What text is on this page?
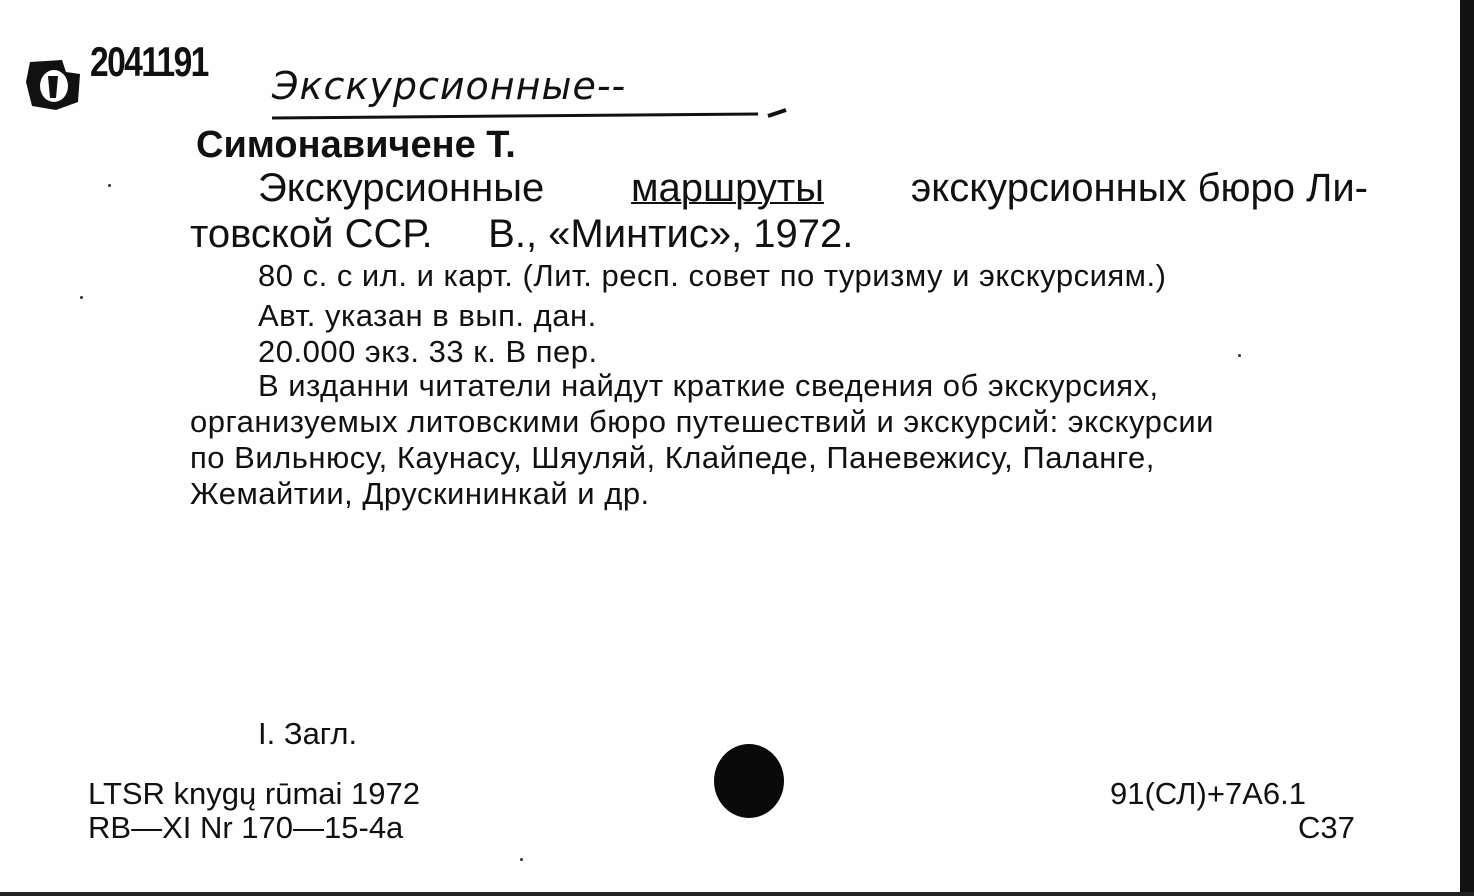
2041191
Экскурсионные--
Симонавичене Т.
Экскурсионные маршруты экскурсионных бюро Ли-
товской ССР.     В., «Минтис», 1972.
80 с. с ил. и карт. (Лит. респ. совет по туризму и экскурсиям.)
Авт. указан в вып. дан.
20.000 экз. 33 к. В пер.
В изданни читатели найдут краткие сведения об экскурсиях,
организуемых литовскими бюро путешествий и экскурсий: экскурсии
по Вильнюсу, Каунасу, Шяуляй, Клайпеде, Паневежису, Паланге,
Жемайтии, Друскининкай и др.
I. Загл.
LTSR knygų rūmai 1972
RB—XI Nr 170—15-4a
91(СЛ)+7А6.1
С37
